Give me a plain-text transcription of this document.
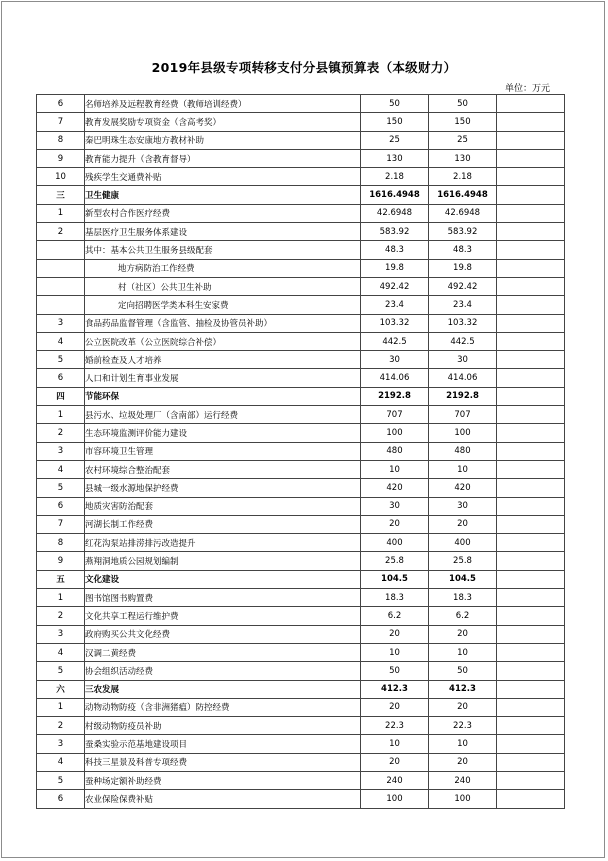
2019年县级专项转移支付分县镇预算表（本级财力）
单位：万元
6	名师培养及远程教育经费（教师培训经费）	50	50	
7	教育发展奖励专项资金（含高考奖）	150	150	
8	秦巴明珠生态安康地方教材补助	25	25	
9	教育能力提升（含教育督导）	130	130	
10	残疾学生交通费补贴	2.18	2.18	
三	卫生健康	1616.4948	1616.4948	
1	新型农村合作医疗经费	42.6948	42.6948	
2	基层医疗卫生服务体系建设	583.92	583.92	
	其中：基本公共卫生服务县级配套	48.3	48.3	
	地方病防治工作经费	19.8	19.8	
	村（社区）公共卫生补助	492.42	492.42	
	定向招聘医学类本科生安家费	23.4	23.4	
3	食品药品监督管理（含监管、抽检及协管员补助）	103.32	103.32	
4	公立医院改革（公立医院综合补偿）	442.5	442.5	
5	婚前检查及人才培养	30	30	
6	人口和计划生育事业发展	414.06	414.06	
四	节能环保	2192.8	2192.8	
1	县污水、垃圾处理厂（含南部）运行经费	707	707	
2	生态环境监测评价能力建设	100	100	
3	市容环境卫生管理	480	480	
4	农村环境综合整治配套	10	10	
5	县城一级水源地保护经费	420	420	
6	地质灾害防治配套	30	30	
7	河湖长制工作经费	20	20	
8	红花沟泵站排涝排污改造提升	400	400	
9	燕翔洞地质公园规划编制	25.8	25.8	
五	文化建设	104.5	104.5	
1	图书馆图书购置费	18.3	18.3	
2	文化共享工程运行维护费	6.2	6.2	
3	政府购买公共文化经费	20	20	
4	汉调二黄经费	10	10	
5	协会组织活动经费	50	50	
六	三农发展	412.3	412.3	
1	动物动物防疫（含非洲猪瘟）防控经费	20	20	
2	村级动物防疫员补助	22.3	22.3	
3	蚕桑实验示范基地建设项目	10	10	
4	科技三星景及科普专项经费	20	20	
5	蚕种场定额补助经费	240	240	
6	农业保险保费补贴	100	100	
